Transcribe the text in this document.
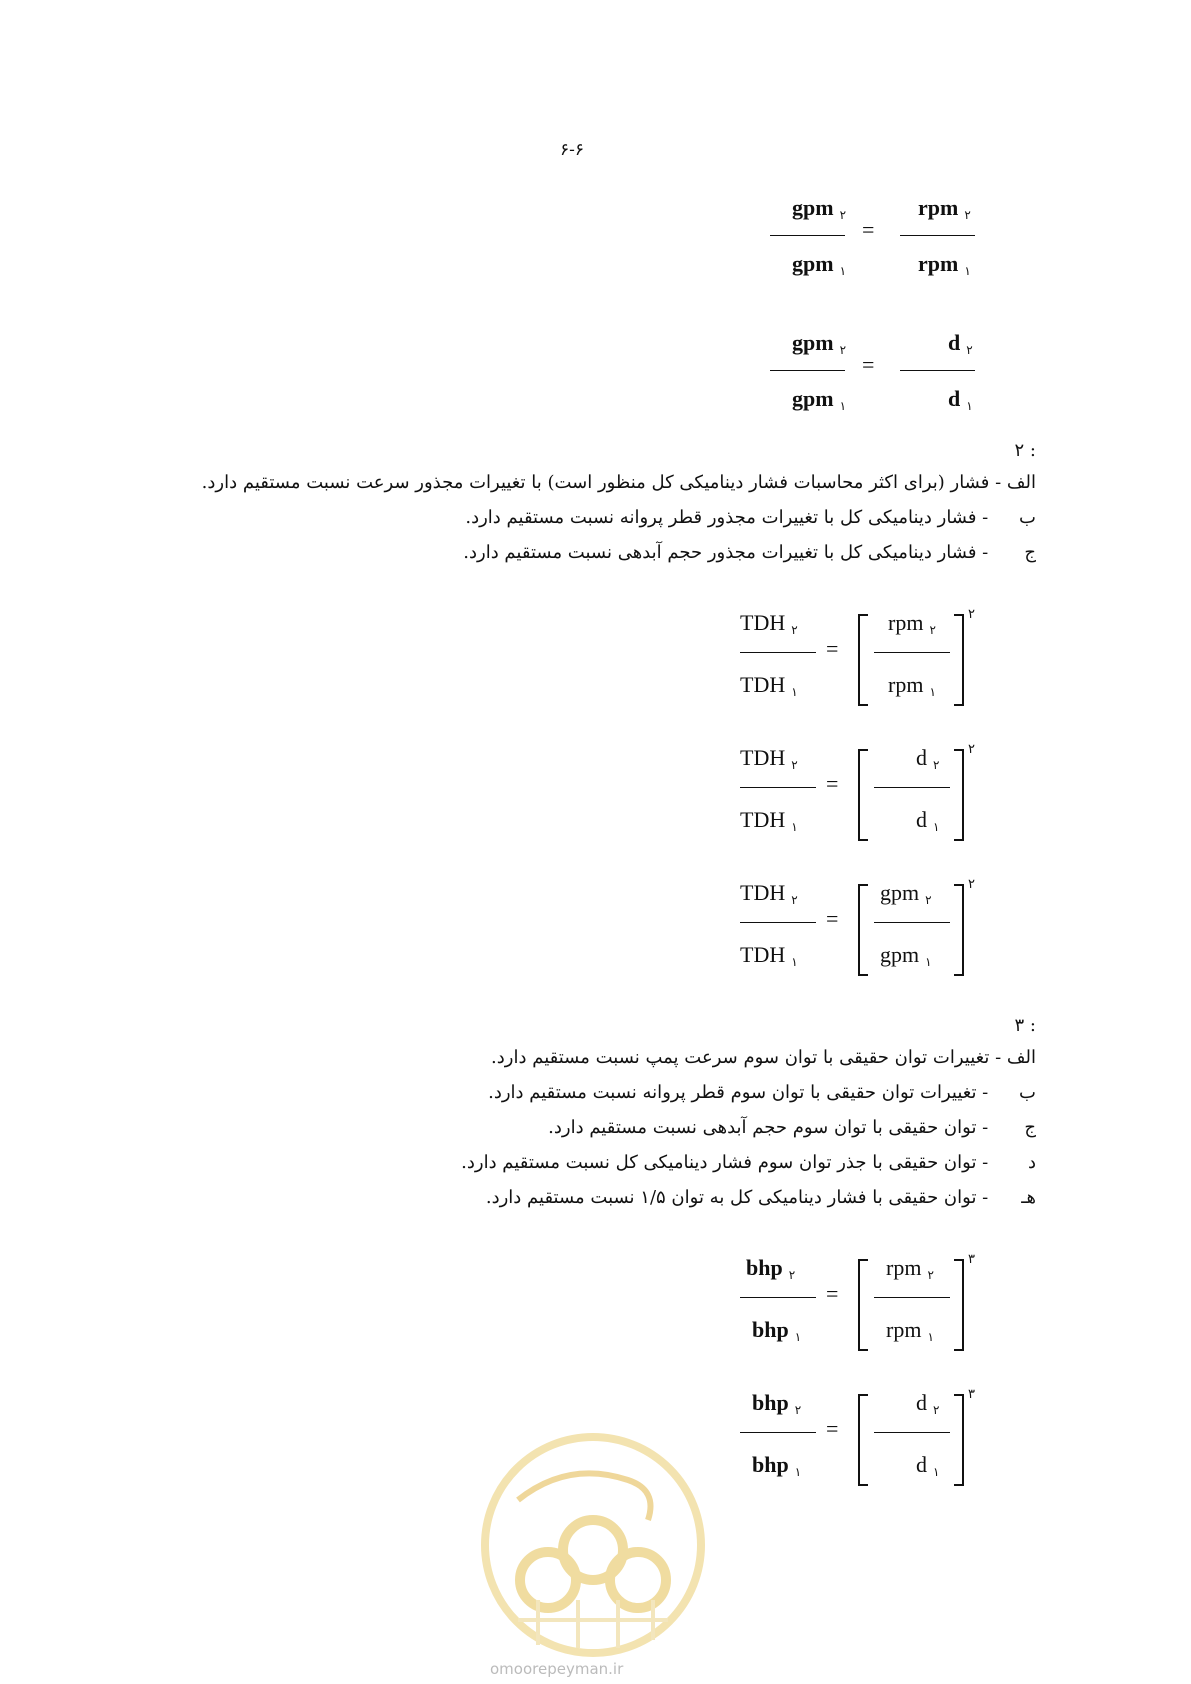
۶-۶
gpm $_۲$
gpm $_۱$
=
rpm $_۲$
rpm $_۱$
gpm $_۲$
gpm $_۱$
=
d $_۲$
d $_۱$
۲ :
الف - فشار (برای اکثر محاسبات فشار دینامیکی کل منظور است) با تغییرات مجذور سرعت نسبت مستقیم دارد.
ب - فشار دینامیکی کل با تغییرات مجذور قطر پروانه نسبت مستقیم دارد.
ج - فشار دینامیکی کل با تغییرات مجذور حجم آبدهی نسبت مستقیم دارد.
TDH $_۲$
TDH $_۱$
=
rpm $_۲$
rpm $_۱$
۲
TDH $_۲$
TDH $_۱$
=
d $_۲$
d $_۱$
۲
TDH $_۲$
TDH $_۱$
=
gpm $_۲$
gpm $_۱$
۲
۳ :
الف - تغییرات توان حقیقی با توان سوم سرعت پمپ نسبت مستقیم دارد.
ب - تغییرات توان حقیقی با توان سوم قطر پروانه نسبت مستقیم دارد.
ج - توان حقیقی با توان سوم حجم آبدهی نسبت مستقیم دارد.
د - توان حقیقی با جذر توان سوم فشار دینامیکی کل نسبت مستقیم دارد.
هـ - توان حقیقی با فشار دینامیکی کل به توان ۱/۵ نسبت مستقیم دارد.
bhp $_۲$
bhp $_۱$
=
rpm $_۲$
rpm $_۱$
۳
bhp $_۲$
bhp $_۱$
=
d $_۲$
d $_۱$
۳
omoorepeyman.ir
